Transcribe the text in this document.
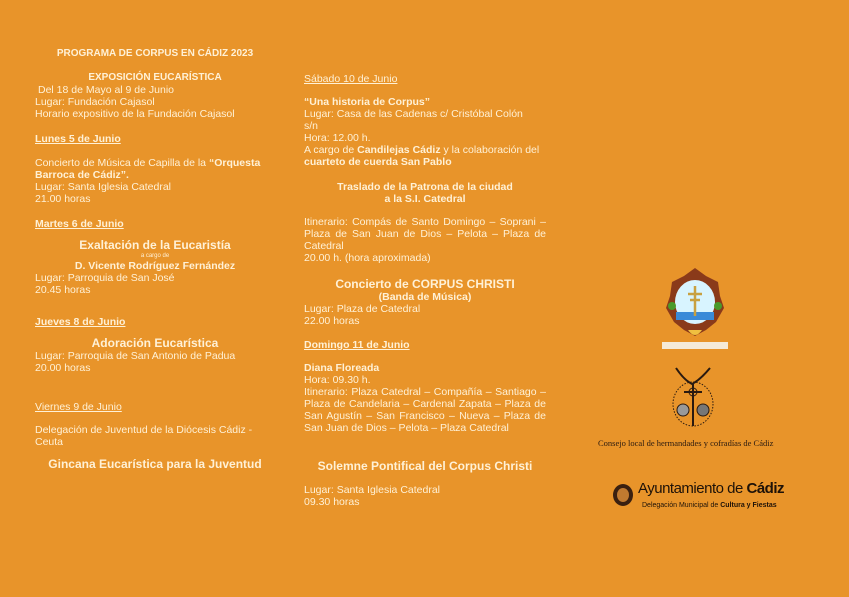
PROGRAMA DE CORPUS EN CÁDIZ 2023

EXPOSICIÓN EUCARÍSTICA

Del 18 de Mayo al 9 de Junio

Lugar: Fundación Cajasol

Horario expositivo de la Fundación Cajasol

Lunes 5 de Junio

Concierto de Música de Capilla de la “Orquesta Barroca de Cádiz”.

Lugar: Santa Iglesia Catedral

21.00 horas

Martes 6 de Junio

Exaltación de la Eucaristía

a cargo de

D. Vicente Rodríguez Fernández

Lugar: Parroquia de San José

20.45 horas

Jueves 8 de Junio

Adoración Eucarística

Lugar: Parroquia de San Antonio de Padua

20.00 horas

Viernes 9 de Junio

Delegación de Juventud de la Diócesis Cádiz - Ceuta

Gincana Eucarística para la Juventud

Sábado 10 de Junio

“Una historia de Corpus”

Lugar: Casa de las Cadenas c/ Cristóbal Colón s/n

Hora: 12.00 h.

A cargo de Candilejas Cádiz y la colaboración del cuarteto de cuerda San Pablo

Traslado de la Patrona de la ciudad

a la S.I. Catedral

Itinerario: Compás de Santo Domingo – Soprani – Plaza de San Juan de Dios – Pelota – Plaza de Catedral

20.00 h. (hora aproximada)

Concierto de CORPUS CHRISTI

(Banda de Música)

Lugar: Plaza de Catedral

22.00 horas

Domingo 11 de Junio

Diana Floreada

Hora: 09.30 h.

Itinerario: Plaza Catedral – Compañía – Santiago – Plaza de Candelaria – Cardenal Zapata – Plaza de San Agustín – San Francisco – Nueva – Plaza de San Juan de Dios – Pelota – Plaza Catedral

Solemne Pontifical del Corpus Christi

Lugar: Santa Iglesia Catedral

09.30 horas

Consejo local de hermandades y cofradías de Cádiz
Ayuntamiento de Cádiz
Delegación Municipal de Cultura y Fiestas
